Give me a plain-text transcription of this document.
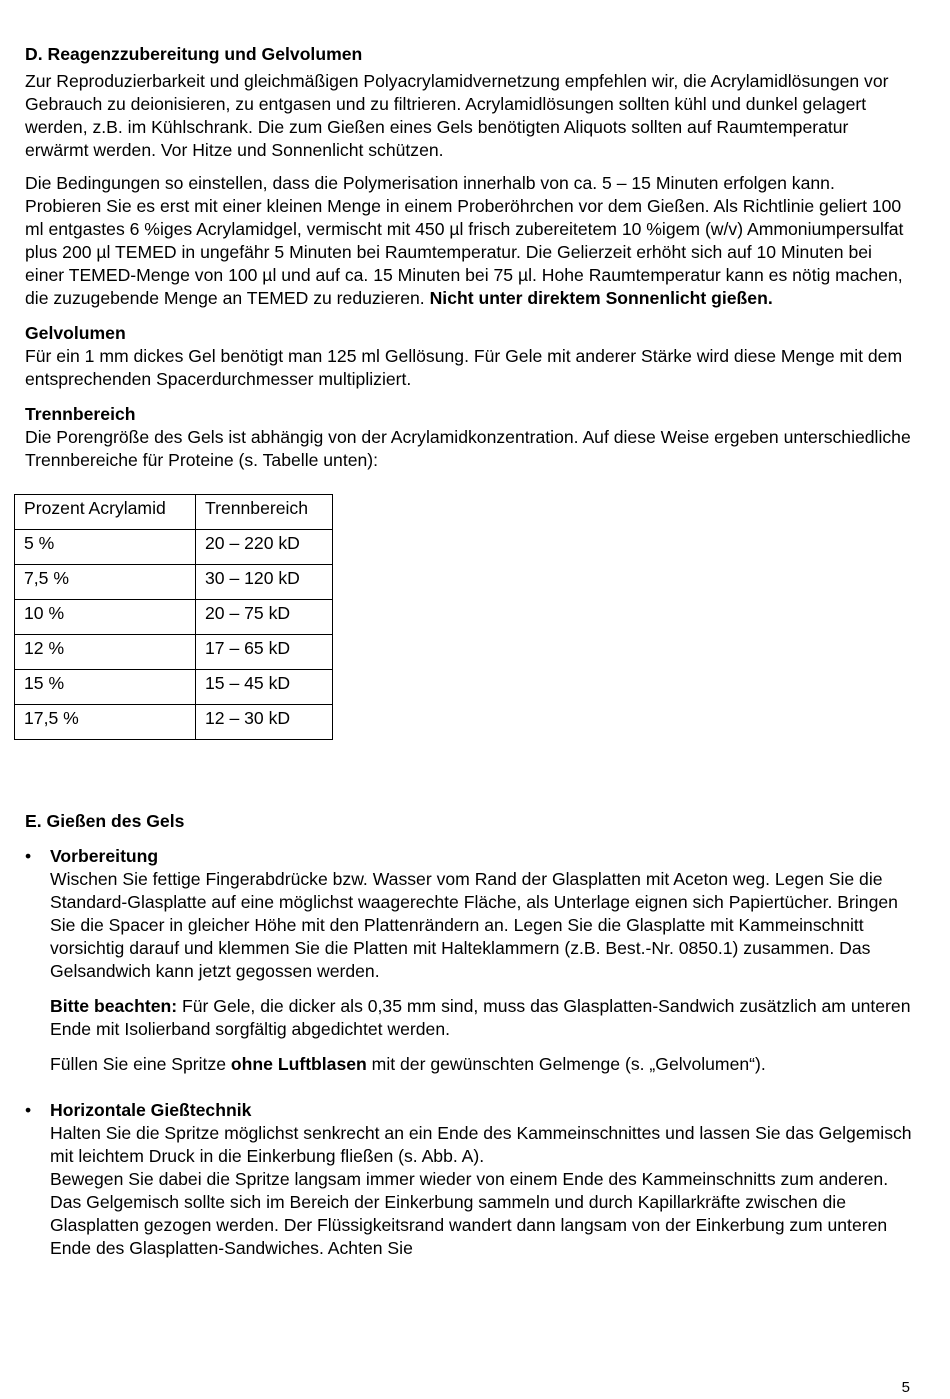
D. Reagenzzubereitung und Gelvolumen

Zur Reproduzierbarkeit und gleichmäßigen Polyacrylamidvernetzung empfehlen wir, die Acrylamidlösungen vor Gebrauch zu deionisieren, zu entgasen und zu filtrieren. Acrylamidlösungen sollten kühl und dunkel gelagert werden, z.B. im Kühlschrank. Die zum Gießen eines Gels benötigten Aliquots sollten auf Raumtemperatur erwärmt werden. Vor Hitze und Sonnenlicht schützen.

Die Bedingungen so einstellen, dass die Polymerisation innerhalb von ca. 5 – 15 Minuten erfolgen kann. Probieren Sie es erst mit einer kleinen Menge in einem Proberöhrchen vor dem Gießen. Als Richtlinie geliert 100 ml entgastes 6 %iges Acrylamidgel, vermischt mit 450 µl frisch zubereitetem 10 %igem (w/v) Ammoniumpersulfat plus 200 µl TEMED in ungefähr 5 Minuten bei Raumtemperatur. Die Gelierzeit erhöht sich auf 10 Minuten bei einer TEMED-Menge von 100 µl und auf ca. 15 Minuten bei 75 µl. Hohe Raumtemperatur kann es nötig machen, die zuzugebende Menge an TEMED zu reduzieren. Nicht unter direktem Sonnenlicht gießen.

Gelvolumen

Für ein 1 mm dickes Gel benötigt man 125 ml Gellösung. Für Gele mit anderer Stärke wird diese Menge mit dem entsprechenden Spacerdurchmesser multipliziert.

Trennbereich

Die Porengröße des Gels ist abhängig von der Acrylamidkonzentration. Auf diese Weise ergeben unterschiedliche Trennbereiche für Proteine (s. Tabelle unten):

Prozent Acrylamid	Trennbereich
5 %	20 – 220 kD
7,5 %	30 – 120 kD
10 %	20 – 75 kD
12 %	17 – 65 kD
15 %	15 – 45 kD
17,5 %	12 – 30 kD
E. Gießen des Gels
• Vorbereitung

Wischen Sie fettige Fingerabdrücke bzw. Wasser vom Rand der Glasplatten mit Aceton weg. Legen Sie die Standard-Glasplatte auf eine möglichst waagerechte Fläche, als Unterlage eignen sich Papiertücher. Bringen Sie die Spacer in gleicher Höhe mit den Plattenrändern an. Legen Sie die Glasplatte mit Kammeinschnitt vorsichtig darauf und klemmen Sie die Platten mit Halteklammern (z.B. Best.-Nr. 0850.1) zusammen. Das Gelsandwich kann jetzt gegossen werden.

Bitte beachten: Für Gele, die dicker als 0,35 mm sind, muss das Glasplatten-Sandwich zusätzlich am unteren Ende mit Isolierband sorgfältig abgedichtet werden.

Füllen Sie eine Spritze ohne Luftblasen mit der gewünschten Gelmenge (s. „Gelvolumen“).

• Horizontale Gießtechnik

Halten Sie die Spritze möglichst senkrecht an ein Ende des Kammeinschnittes und lassen Sie das Gelgemisch mit leichtem Druck in die Einkerbung fließen (s. Abb. A).

Bewegen Sie dabei die Spritze langsam immer wieder von einem Ende des Kammeinschnitts zum anderen. Das Gelgemisch sollte sich im Bereich der Einkerbung sammeln und durch Kapillarkräfte zwischen die Glasplatten gezogen werden. Der Flüssigkeitsrand wandert dann langsam von der Einkerbung zum unteren Ende des Glasplatten-Sandwiches. Achten Sie

5
